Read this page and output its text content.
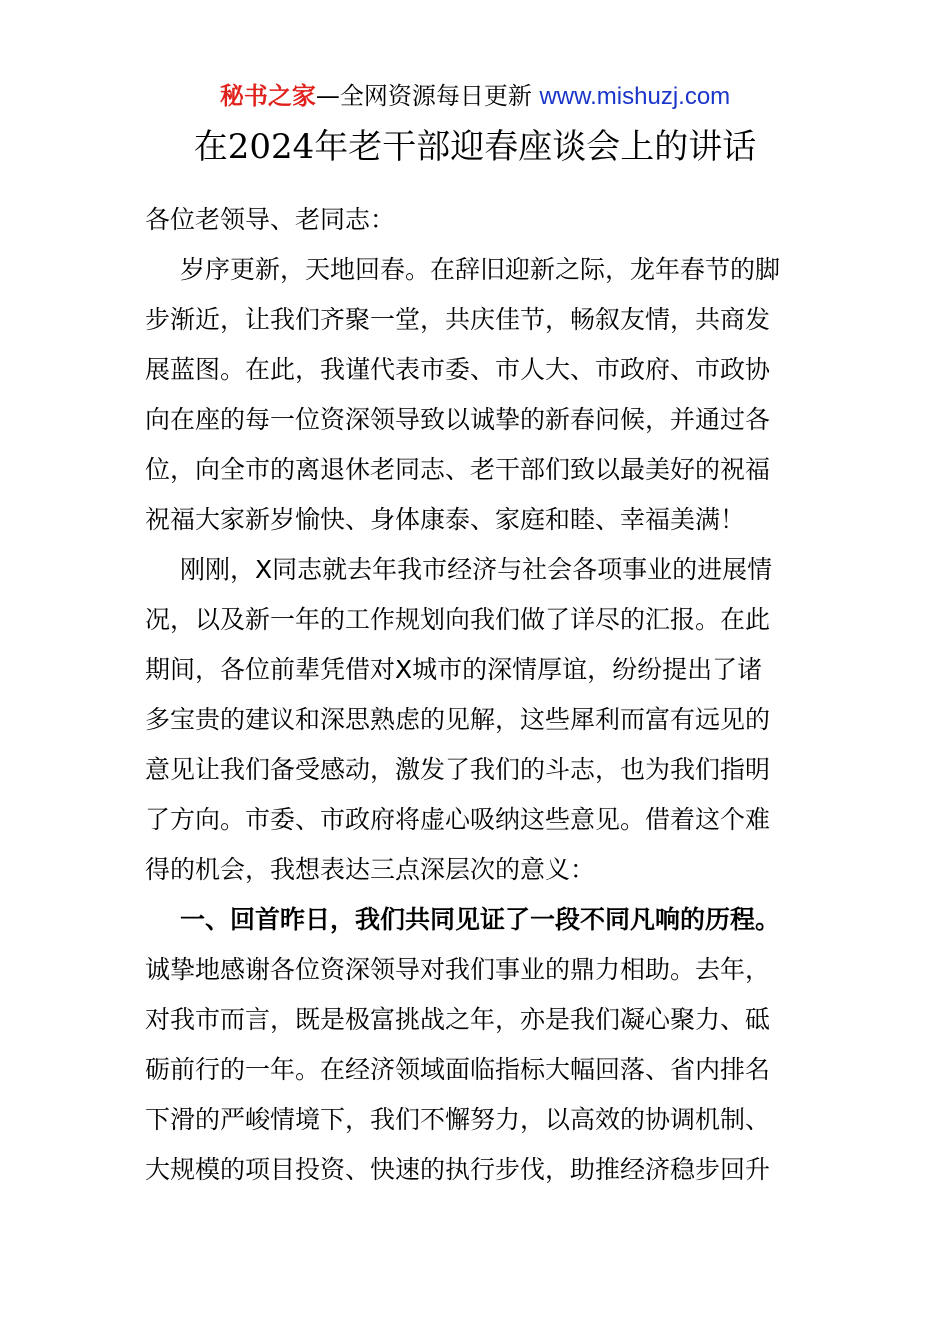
秘书之家—全网资源每日更新 www.mishuzj.com
在2024年老干部迎春座谈会上的讲话
各位老领导、老同志：
岁序更新，天地回春。在辞旧迎新之际，龙年春节的脚
步渐近，让我们齐聚一堂，共庆佳节，畅叙友情，共商发
展蓝图。在此，我谨代表市委、市人大、市政府、市政协
向在座的每一位资深领导致以诚挚的新春问候，并通过各
位，向全市的离退休老同志、老干部们致以最美好的祝福
祝福大家新岁愉快、身体康泰、家庭和睦、幸福美满！
刚刚，X同志就去年我市经济与社会各项事业的进展情
况，以及新一年的工作规划向我们做了详尽的汇报。在此
期间，各位前辈凭借对X城市的深情厚谊，纷纷提出了诸
多宝贵的建议和深思熟虑的见解，这些犀利而富有远见的
意见让我们备受感动，激发了我们的斗志，也为我们指明
了方向。市委、市政府将虚心吸纳这些意见。借着这个难
得的机会，我想表达三点深层次的意义：
一、回首昨日，我们共同见证了一段不同凡响的历程。
诚挚地感谢各位资深领导对我们事业的鼎力相助。去年，
对我市而言，既是极富挑战之年，亦是我们凝心聚力、砥
砺前行的一年。在经济领域面临指标大幅回落、省内排名
下滑的严峻情境下，我们不懈努力，以高效的协调机制、
大规模的项目投资、快速的执行步伐，助推经济稳步回升
